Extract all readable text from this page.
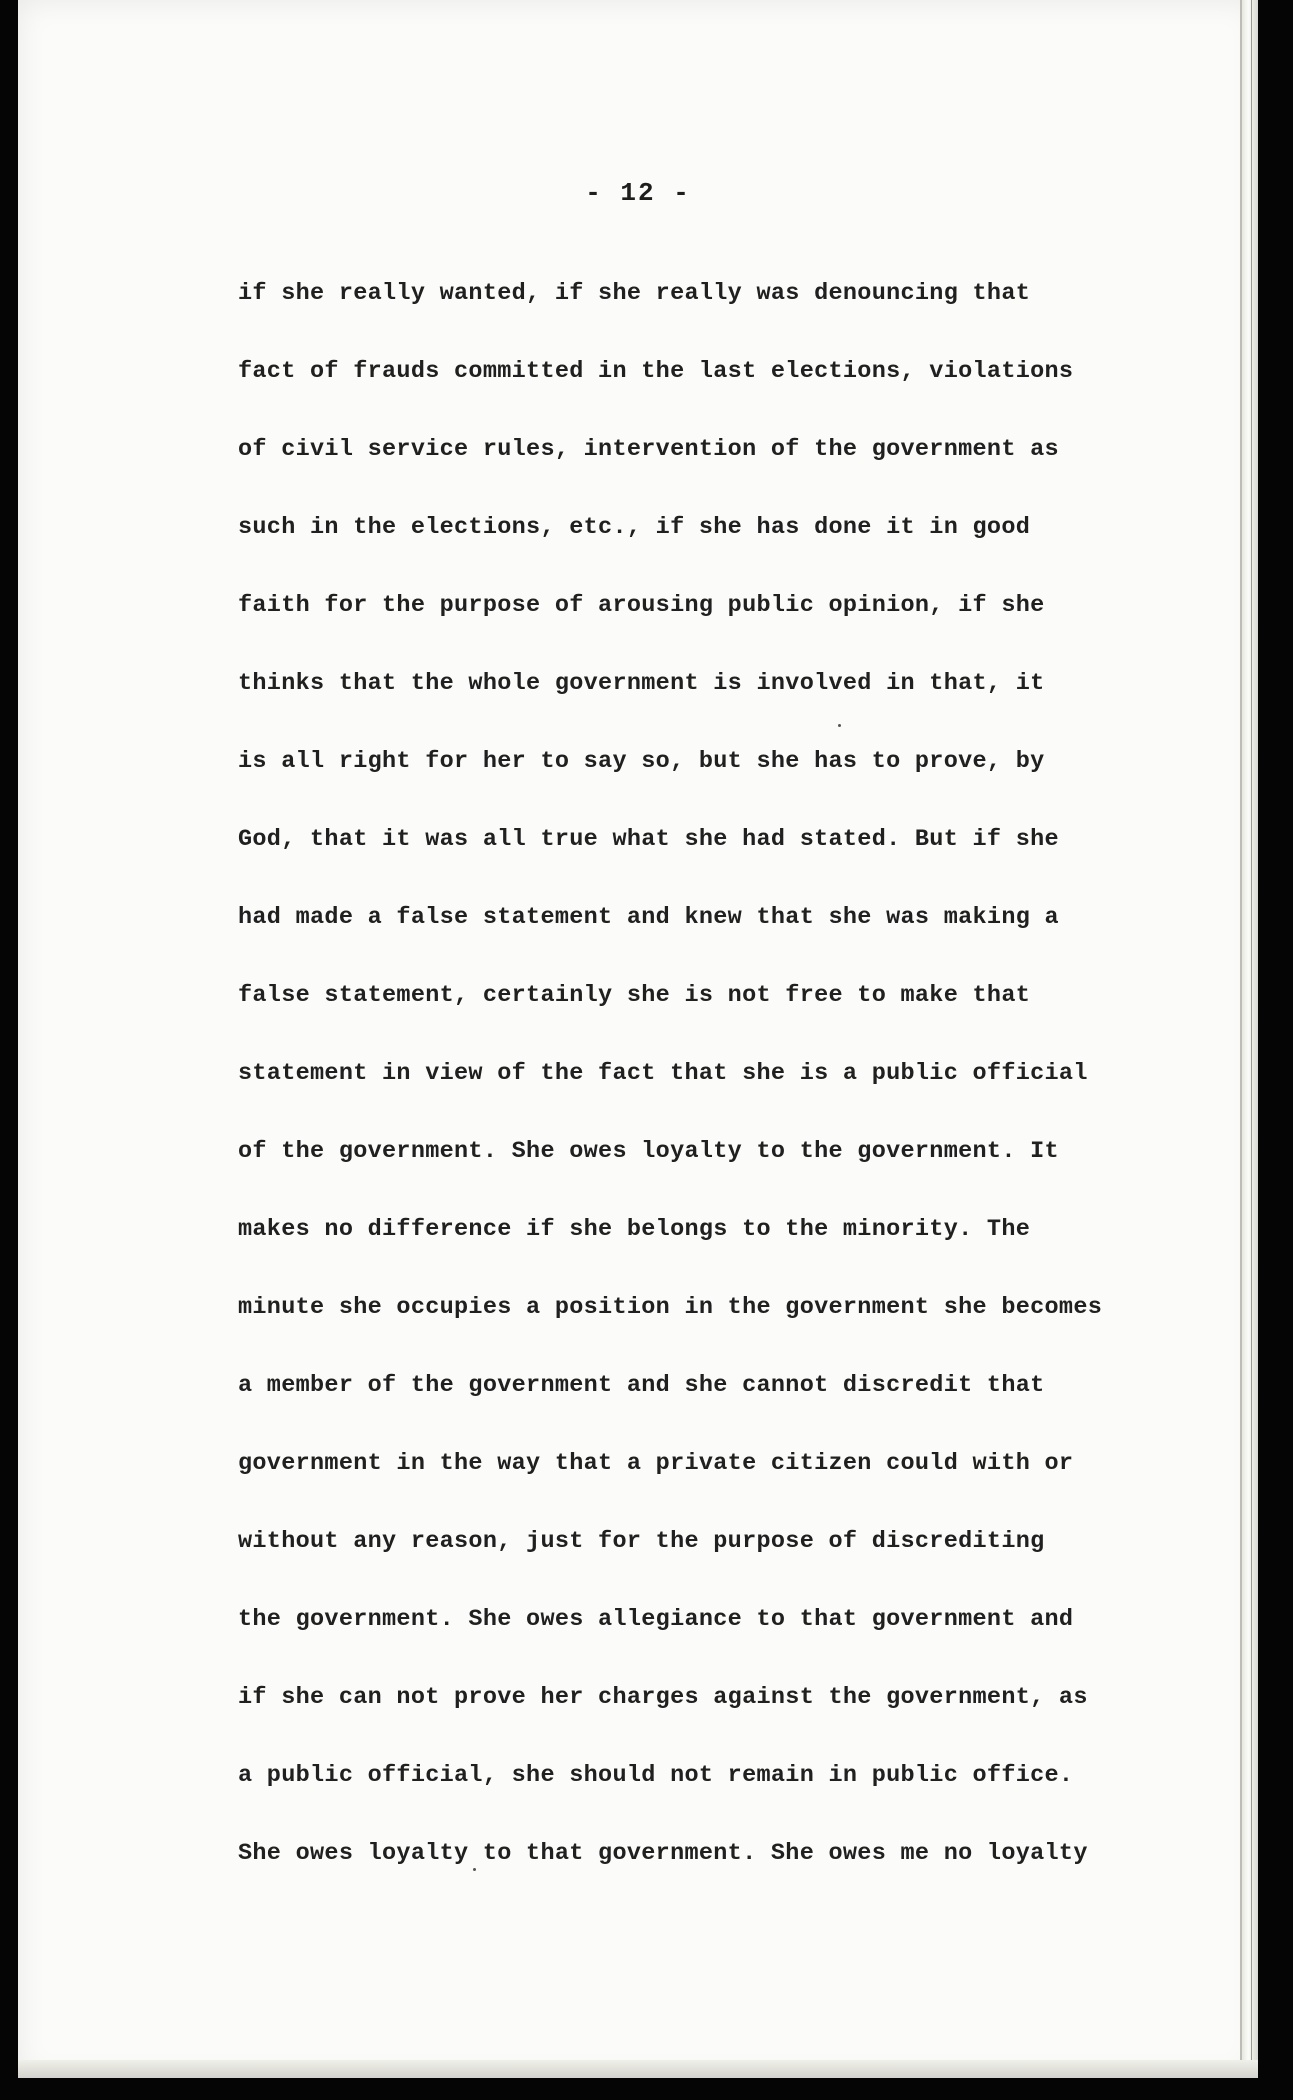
- 12 -
if she really wanted, if she really was denouncing that
fact of frauds committed in the last elections, violations
of civil service rules, intervention of the government as
such in the elections, etc., if she has done it in good
faith for the purpose of arousing public opinion, if she
thinks that the whole government is involved in that, it
is all right for her to say so, but she has to prove, by
God, that it was all true what she had stated. But if she
had made a false statement and knew that she was making a
false statement, certainly she is not free to make that
statement in view of the fact that she is a public official
of the government. She owes loyalty to the government. It
makes no difference if she belongs to the minority. The
minute she occupies a position in the government she becomes
a member of the government and she cannot discredit that
government in the way that a private citizen could with or
without any reason, just for the purpose of discrediting
the government. She owes allegiance to that government and
if she can not prove her charges against the government, as
a public official, she should not remain in public office.
She owes loyalty to that government. She owes me no loyalty
